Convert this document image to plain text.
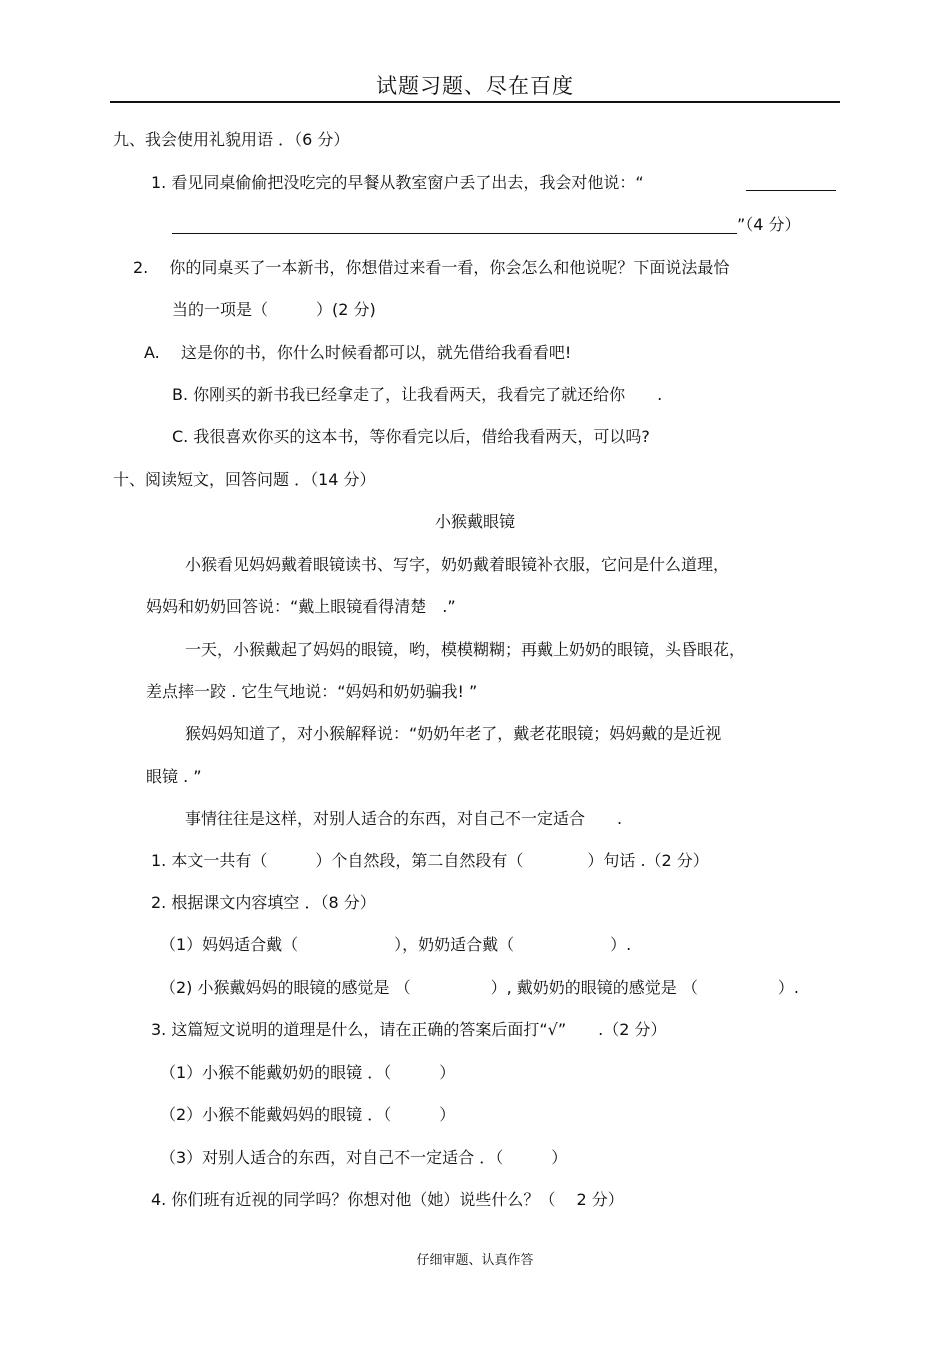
试题习题、尽在百度
九、我会使用礼貌用语 ．（6 分）
1. 看见同桌偷偷把没吃完的早餐从教室窗户丢了出去，我会对他说：“
”（4 分）
2.　 你的同桌买了一本新书，你想借过来看一看，你会怎么和他说呢？下面说法最恰
当的一项是（　　　）(2 分)
A.　 这是你的书，你什么时候看都可以，就先借给我看看吧!
B. 你刚买的新书我已经拿走了，让我看两天，我看完了就还给你　　.
C. 我很喜欢你买的这本书，等你看完以后，借给我看两天，可以吗?
十、阅读短文，回答问题 ．（14 分）
小猴戴眼镜
小猴看见妈妈戴着眼镜读书、写字，奶奶戴着眼镜补衣服，它问是什么道理，
妈妈和奶奶回答说：“戴上眼镜看得清楚　.”
一天，小猴戴起了妈妈的眼镜，哟，模模糊糊；再戴上奶奶的眼镜，头昏眼花，
差点摔一跤 . 它生气地说：“妈妈和奶奶骗我! ”
猴妈妈知道了，对小猴解释说：“奶奶年老了，戴老花眼镜；妈妈戴的是近视
眼镜 . ”
事情往往是这样，对别人适合的东西，对自己不一定适合　　.
1. 本文一共有（　　　）个自然段，第二自然段有（　　　　）句话 .（2 分）
2. 根据课文内容填空 ．（8 分）
（1）妈妈适合戴（　　　　　　），奶奶适合戴（　　　　　　）.
（2) 小猴戴妈妈的眼镜的感觉是 （　　　　　）, 戴奶奶的眼镜的感觉是 （　　　　　）.
3. 这篇短文说明的道理是什么，请在正确的答案后面打“√”　　.（2 分）
（1）小猴不能戴奶奶的眼镜 ．（　　　）
（2）小猴不能戴妈妈的眼镜 ．（　　　）
（3）对别人适合的东西，对自己不一定适合 ．（　　　）
4. 你们班有近视的同学吗？你想对他（她）说些什么？（　 2 分）
仔细审题、认真作答
